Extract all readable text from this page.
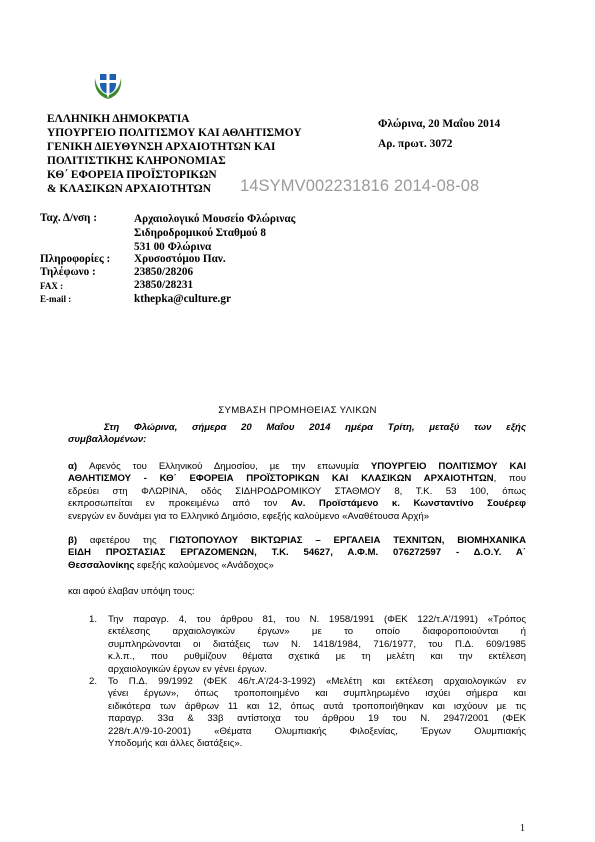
ΕΛΛΗΝΙΚΗ ΔΗΜΟΚΡΑΤΙΑ
ΥΠΟΥΡΓΕΙΟ ΠΟΛΙΤΙΣΜΟΥ ΚΑΙ ΑΘΛΗΤΙΣΜΟΥ
ΓΕΝΙΚΗ ΔΙΕΥΘΥΝΣΗ ΑΡΧΑΙΟΤΗΤΩΝ ΚΑΙ
ΠΟΛΙΤΙΣΤΙΚΗΣ ΚΛΗΡΟΝΟΜΙΑΣ
ΚΘ΄ ΕΦΟΡΕΙΑ ΠΡΟΪΣΤΟΡΙΚΩΝ
& ΚΛΑΣΙΚΩΝ ΑΡΧΑΙΟΤΗΤΩΝ
Φλώρινα, 20 Μαΐου 2014
Αρ. πρωτ. 3072
14SYMV002231816 2014-08-08
Ταχ. Δ/νση :	Αρχαιολογικό Μουσείο Φλώρινας
Σιδηροδρομικού Σταθμού 8
531 00 Φλώρινα
Πληροφορίες : Χρυσοστόμου Παν.
Τηλέφωνο :	23850/28206
FAX :	23850/28231
E-mail :	kthepka@culture.gr
ΣΥΜΒΑΣΗ ΠΡΟΜΗΘΕΙΑΣ ΥΛΙΚΩΝ

Στη Φλώρινα, σήμερα 20 Μαΐου 2014 ημέρα Τρίτη, μεταξύ των εξής

συμβαλλομένων:

α) Αφενός του Ελληνικού Δημοσίου, με την επωνυμία ΥΠΟΥΡΓΕΙΟ ΠΟΛΙΤΙΣΜΟΥ ΚΑΙ

ΑΘΛΗΤΙΣΜΟΥ - ΚΘ΄ ΕΦΟΡΕΙΑ ΠΡΟΪΣΤΟΡΙΚΩΝ ΚΑΙ ΚΛΑΣΙΚΩΝ ΑΡΧΑΙΟΤΗΤΩΝ, που

εδρεύει στη ΦΛΩΡΙΝΑ, οδός ΣΙΔΗΡΟΔΡΟΜΙΚΟΥ ΣΤΑΘΜΟΥ 8, Τ.Κ. 53 100, όπως

εκπροσωπείται εν προκειμένω από τον Αν. Προϊστάμενο κ. Κωνσταντίνο Σουέρεφ

ενεργών εν δυνάμει για το Ελληνικό Δημόσιο, εφεξής καλούμενο «Αναθέτουσα Αρχή»

β) αφετέρου της ΓΙΩΤΟΠΟΥΛΟΥ ΒΙΚΤΩΡΙΑΣ – ΕΡΓΑΛΕΙΑ ΤΕΧΝΙΤΩΝ, ΒΙΟΜΗΧΑΝΙΚΑ

ΕΙΔΗ ΠΡΟΣΤΑΣΙΑΣ ΕΡΓΑΖΟΜΕΝΩΝ, Τ.Κ. 54627, Α.Φ.Μ. 076272597 - Δ.Ο.Υ. Α΄

Θεσσαλονίκης εφεξής καλούμενος «Ανάδοχος»

και αφού έλαβαν υπόψη τους:
1. Την παραγρ. 4, του άρθρου 81, του Ν. 1958/1991 (ΦΕΚ 122/τ.Α'/1991) «Τρόπος

εκτέλεσης αρχαιολογικών έργων» με το οποίο διαφοροποιούνται ή

συμπληρώνονται οι διατάξεις των Ν. 1418/1984, 716/1977, του Π.Δ. 609/1985

κ.λ.π., που ρυθμίζουν θέματα σχετικά με τη μελέτη και την εκτέλεση

αρχαιολογικών έργων εν γένει έργων.

2. Το Π.Δ. 99/1992 (ΦΕΚ 46/τ.Α'/24-3-1992) «Μελέτη και εκτέλεση αρχαιολογικών εν

γένει έργων», όπως τροποποιημένο και συμπληρωμένο ισχύει σήμερα και

ειδικότερα των άρθρων 11 και 12, όπως αυτά τροποποιήθηκαν και ισχύουν με τις

παραγρ. 33α & 33β αντίστοιχα του άρθρου 19 του Ν. 2947/2001 (ΦΕΚ

228/τ.Α'/9-10-2001) «Θέματα Ολυμπιακής Φιλοξενίας, Έργων Ολυμπιακής

Υποδομής και άλλες διατάξεις».

1
